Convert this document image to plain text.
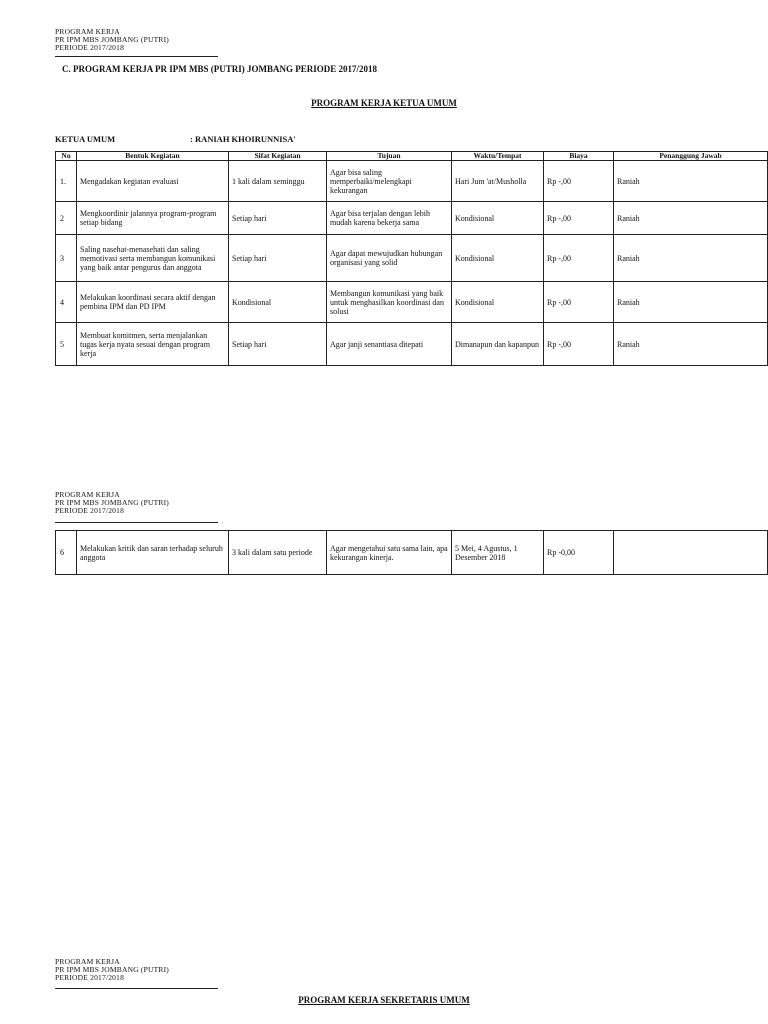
PROGRAM KERJA
PR IPM MBS JOMBANG (PUTRI)
PERIODE 2017/2018
C. PROGRAM KERJA PR IPM MBS (PUTRI) JOMBANG PERIODE 2017/2018
PROGRAM KERJA KETUA UMUM
KETUA UMUM	: RANIAH KHOIRUNNISA'
No	Bentuk Kegiatan	Sifat Kegiatan	Tujuan	Waktu/Tempat	Biaya	Penanggung Jawab
1.	Mengadakan kegiatan evaluasi	1 kali dalam seminggu	Agar bisa saling memperbaiki/melengkapi kekurangan	Hari Jum 'at/Musholla	Rp -,00	Raniah
2	Mengkoordinir jalannya program-program setiap bidang	Setiap hari	Agar bisa terjalan dengan lebih mudah karena bekerja sama	Kondisional	Rp -,00	Raniah
3	Saling nasehat-menasehati dan saling memotivasi serta membangun komunikasi yang baik antar pengurus dan anggota	Setiap hari	Agar dapat mewujudkan hubungan organisasi yang solid	Kondisional	Rp -,00	Raniah
4	Melakukan koordinasi secara aktif dengan pembina IPM dan PD IPM	Kondisional	Membangun komunikasi yang baik untuk menghasilkan koordinasi dan solusi	Kondisional	Rp -,00	Raniah
5	Membuat komitmen, serta menjalankan tugas kerja nyata sesuai dengan program kerja	Setiap hari	Agar janji senantiasa ditepati	Dimanapun dan kapanpun	Rp -,00	Raniah
PROGRAM KERJA
PR IPM MBS JOMBANG (PUTRI)
PERIODE 2017/2018
6	Melakukan kritik dan saran terhadap seluruh anggota	3 kali dalam satu periode	Agar mengetahui satu sama lain, apa kekurangan kinerja.	5 Mei, 4 Agustus, 1 Desember 2018	Rp -0,00	
PROGRAM KERJA
PR IPM MBS JOMBANG (PUTRI)
PERIODE 2017/2018
PROGRAM KERJA SEKRETARIS UMUM
